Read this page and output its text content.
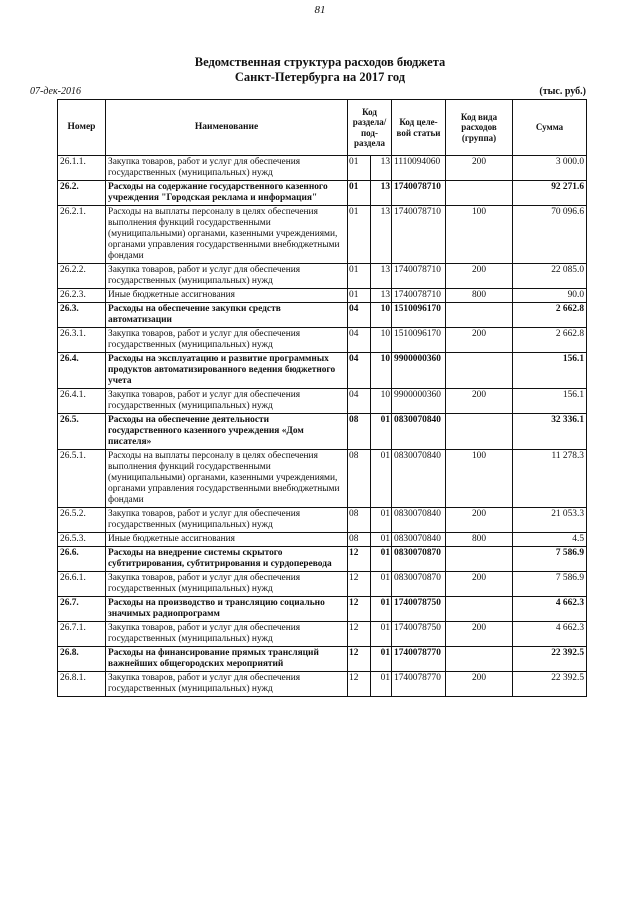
81
Ведомственная структура расходов бюджета
Санкт-Петербурга на 2017 год
07-дек-2016	(тыс. руб.)
Номер	Наименование	Код раздела/ под-раздела		Код целе-вой статьи	Код вида расходов (группа)	Сумма
26.1.1.	Закупка товаров, работ и услуг для обеспечения государственных (муниципальных) нужд	01	13	1110094060	200	3 000.0
26.2.	Расходы на содержание государственного казенного учреждения "Городская реклама и информация"	01	13	1740078710		92 271.6
26.2.1.	Расходы на выплаты персоналу в целях обеспечения выполнения функций государственными (муниципальными) органами, казенными учреждениями, органами управления государственными внебюджетными фондами	01	13	1740078710	100	70 096.6
26.2.2.	Закупка товаров, работ и услуг для обеспечения государственных (муниципальных) нужд	01	13	1740078710	200	22 085.0
26.2.3.	Иные бюджетные ассигнования	01	13	1740078710	800	90.0
26.3.	Расходы на обеспечение закупки средств автоматизации	04	10	1510096170		2 662.8
26.3.1.	Закупка товаров, работ и услуг для обеспечения государственных (муниципальных) нужд	04	10	1510096170	200	2 662.8
26.4.	Расходы на эксплуатацию и развитие программных продуктов автоматизированного ведения бюджетного учета	04	10	9900000360		156.1
26.4.1.	Закупка товаров, работ и услуг для обеспечения государственных (муниципальных) нужд	04	10	9900000360	200	156.1
26.5.	Расходы на обеспечение деятельности государственного казенного учреждения «Дом писателя»	08	01	0830070840		32 336.1
26.5.1.	Расходы на выплаты персоналу в целях обеспечения выполнения функций государственными (муниципальными) органами, казенными учреждениями, органами управления государственными внебюджетными фондами	08	01	0830070840	100	11 278.3
26.5.2.	Закупка товаров, работ и услуг для обеспечения государственных (муниципальных) нужд	08	01	0830070840	200	21 053.3
26.5.3.	Иные бюджетные ассигнования	08	01	0830070840	800	4.5
26.6.	Расходы на внедрение системы скрытого субтитрирования, субтитрирования и сурдоперевода	12	01	0830070870		7 586.9
26.6.1.	Закупка товаров, работ и услуг для обеспечения государственных (муниципальных) нужд	12	01	0830070870	200	7 586.9
26.7.	Расходы на производство и трансляцию социально значимых радиопрограмм	12	01	1740078750		4 662.3
26.7.1.	Закупка товаров, работ и услуг для обеспечения государственных (муниципальных) нужд	12	01	1740078750	200	4 662.3
26.8.	Расходы на финансирование прямых трансляций важнейших общегородских мероприятий	12	01	1740078770		22 392.5
26.8.1.	Закупка товаров, работ и услуг для обеспечения государственных (муниципальных) нужд	12	01	1740078770	200	22 392.5
